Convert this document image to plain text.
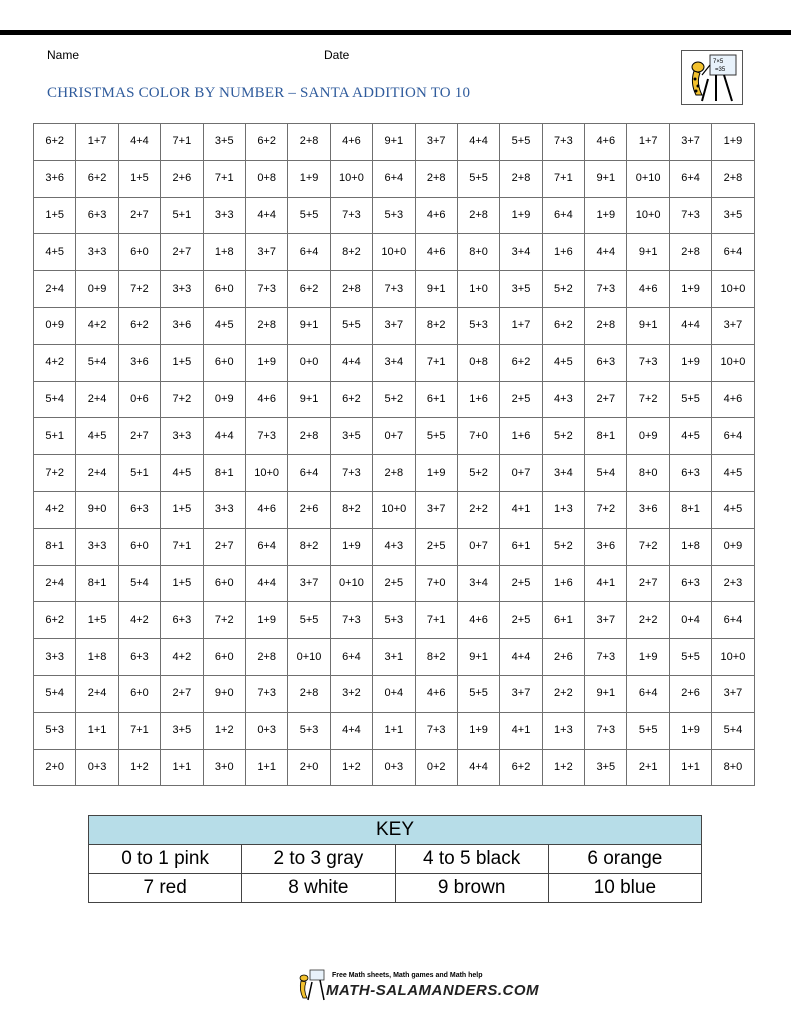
Name	Date
CHRISTMAS COLOR BY NUMBER – SANTA ADDITION TO 10
7×5
=35
6+2	1+7	4+4	7+1	3+5	6+2	2+8	4+6	9+1	3+7	4+4	5+5	7+3	4+6	1+7	3+7	1+9
3+6	6+2	1+5	2+6	7+1	0+8	1+9	10+0	6+4	2+8	5+5	2+8	7+1	9+1	0+10	6+4	2+8
1+5	6+3	2+7	5+1	3+3	4+4	5+5	7+3	5+3	4+6	2+8	1+9	6+4	1+9	10+0	7+3	3+5
4+5	3+3	6+0	2+7	1+8	3+7	6+4	8+2	10+0	4+6	8+0	3+4	1+6	4+4	9+1	2+8	6+4
2+4	0+9	7+2	3+3	6+0	7+3	6+2	2+8	7+3	9+1	1+0	3+5	5+2	7+3	4+6	1+9	10+0
0+9	4+2	6+2	3+6	4+5	2+8	9+1	5+5	3+7	8+2	5+3	1+7	6+2	2+8	9+1	4+4	3+7
4+2	5+4	3+6	1+5	6+0	1+9	0+0	4+4	3+4	7+1	0+8	6+2	4+5	6+3	7+3	1+9	10+0
5+4	2+4	0+6	7+2	0+9	4+6	9+1	6+2	5+2	6+1	1+6	2+5	4+3	2+7	7+2	5+5	4+6
5+1	4+5	2+7	3+3	4+4	7+3	2+8	3+5	0+7	5+5	7+0	1+6	5+2	8+1	0+9	4+5	6+4
7+2	2+4	5+1	4+5	8+1	10+0	6+4	7+3	2+8	1+9	5+2	0+7	3+4	5+4	8+0	6+3	4+5
4+2	9+0	6+3	1+5	3+3	4+6	2+6	8+2	10+0	3+7	2+2	4+1	1+3	7+2	3+6	8+1	4+5
8+1	3+3	6+0	7+1	2+7	6+4	8+2	1+9	4+3	2+5	0+7	6+1	5+2	3+6	7+2	1+8	0+9
2+4	8+1	5+4	1+5	6+0	4+4	3+7	0+10	2+5	7+0	3+4	2+5	1+6	4+1	2+7	6+3	2+3
6+2	1+5	4+2	6+3	7+2	1+9	5+5	7+3	5+3	7+1	4+6	2+5	6+1	3+7	2+2	0+4	6+4
3+3	1+8	6+3	4+2	6+0	2+8	0+10	6+4	3+1	8+2	9+1	4+4	2+6	7+3	1+9	5+5	10+0
5+4	2+4	6+0	2+7	9+0	7+3	2+8	3+2	0+4	4+6	5+5	3+7	2+2	9+1	6+4	2+6	3+7
5+3	1+1	7+1	3+5	1+2	0+3	5+3	4+4	1+1	7+3	1+9	4+1	1+3	7+3	5+5	1+9	5+4
2+0	0+3	1+2	1+1	3+0	1+1	2+0	1+2	0+3	0+2	4+4	6+2	1+2	3+5	2+1	1+1	8+0
KEY			
0 to 1 pink	2 to 3 gray	4 to 5 black	6 orange
7 red	8 white	9 brown	10 blue
Free Math sheets, Math games and Math help
MATH-SALAMANDERS.COM
